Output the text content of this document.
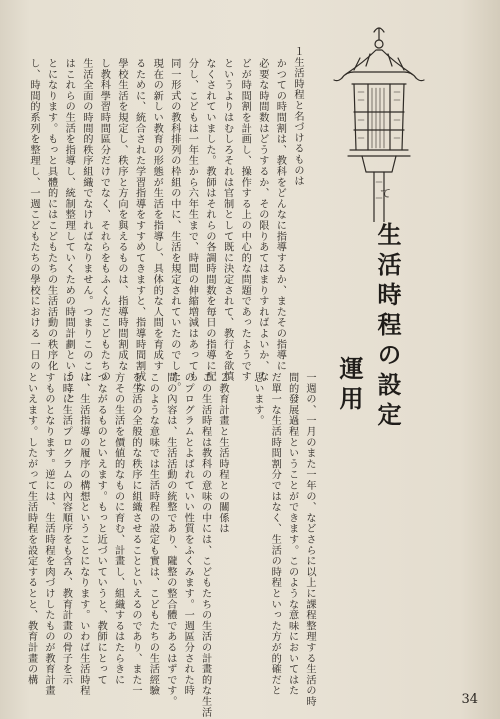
て
生活時程の設定
運用
１生活時程と名づけるものは
かつての時間割は、教科をどんなに指導するか、またその指導に
必要な時間数はどうするか、その限りあてはまりすればよいか、な
どが時間割を計画し、操作する上の中心的な問題であったようです
というよりはむしろそれは官制として既に決定されて、教行を欲慎
なくされていました。教師はそれらの各調時間数を毎日の指導に配
分し、こどもは一年生から六年生まで、時間の伸縮増減はあっても
同一形式の教科排列の枠組の中に、生活を規定されていたのでした。
現在の新しい教育の形態が生活を指導し、具体的な人間を育成す
るために、統合された学習指導をすすめてきますと、指導時間割成な
學校生活を規定し、秩序と方向を與えるものは、指導時間割成な
し教科學習時間區分だけでなく、それらをもふくんだこどもたちの
生活全面の時間的秩序組織でなければなりません。つまりこのこと
はこれらの生活を指導し、統制整理していくための時間計劃ということ
とになります。もっと具體的にはこどもたちの生活活動の秩序化
し、時間的系列を整理し、一週こどもたちの學校における一日の
一週の、一月のまた一年の、などさらに以上に課程整理する生活の時
間的發展過程ということができます。このような意味においてはた
だ單一な生活時間割分ではなく、生活の時程といった方が的確だと
思います。
２教育計畫と生活時程との關係は
この生活時程は教科の意味の中には、こどもたちの生活の計畫的な生活
のプログラムとよばれていい性質をふくみます。一週區分された時
間の內容は、生活活動の統整であり、隴整の整合體であるはずです。
このような意味では生活時程の設定も實は、こどもたちの生活經驗
を生活の全般的な秩序に組織させることといえるのであり、また一
方その生活を價値的なものに育む、計畫し、組織するはたらきに
つながるものといえます。もっと近づいていうと、教師にとって
は、生活指導の履序の構想ということになります。いわば生活時程
は時に生活プログラムの內容順序をも含み、教育計畫の骨子を示
すものとなります。逆には、生活時程を肉づけしたものが教育計畫
といえます。したがって生活時程を設定するとと、教育計畫の構
34
